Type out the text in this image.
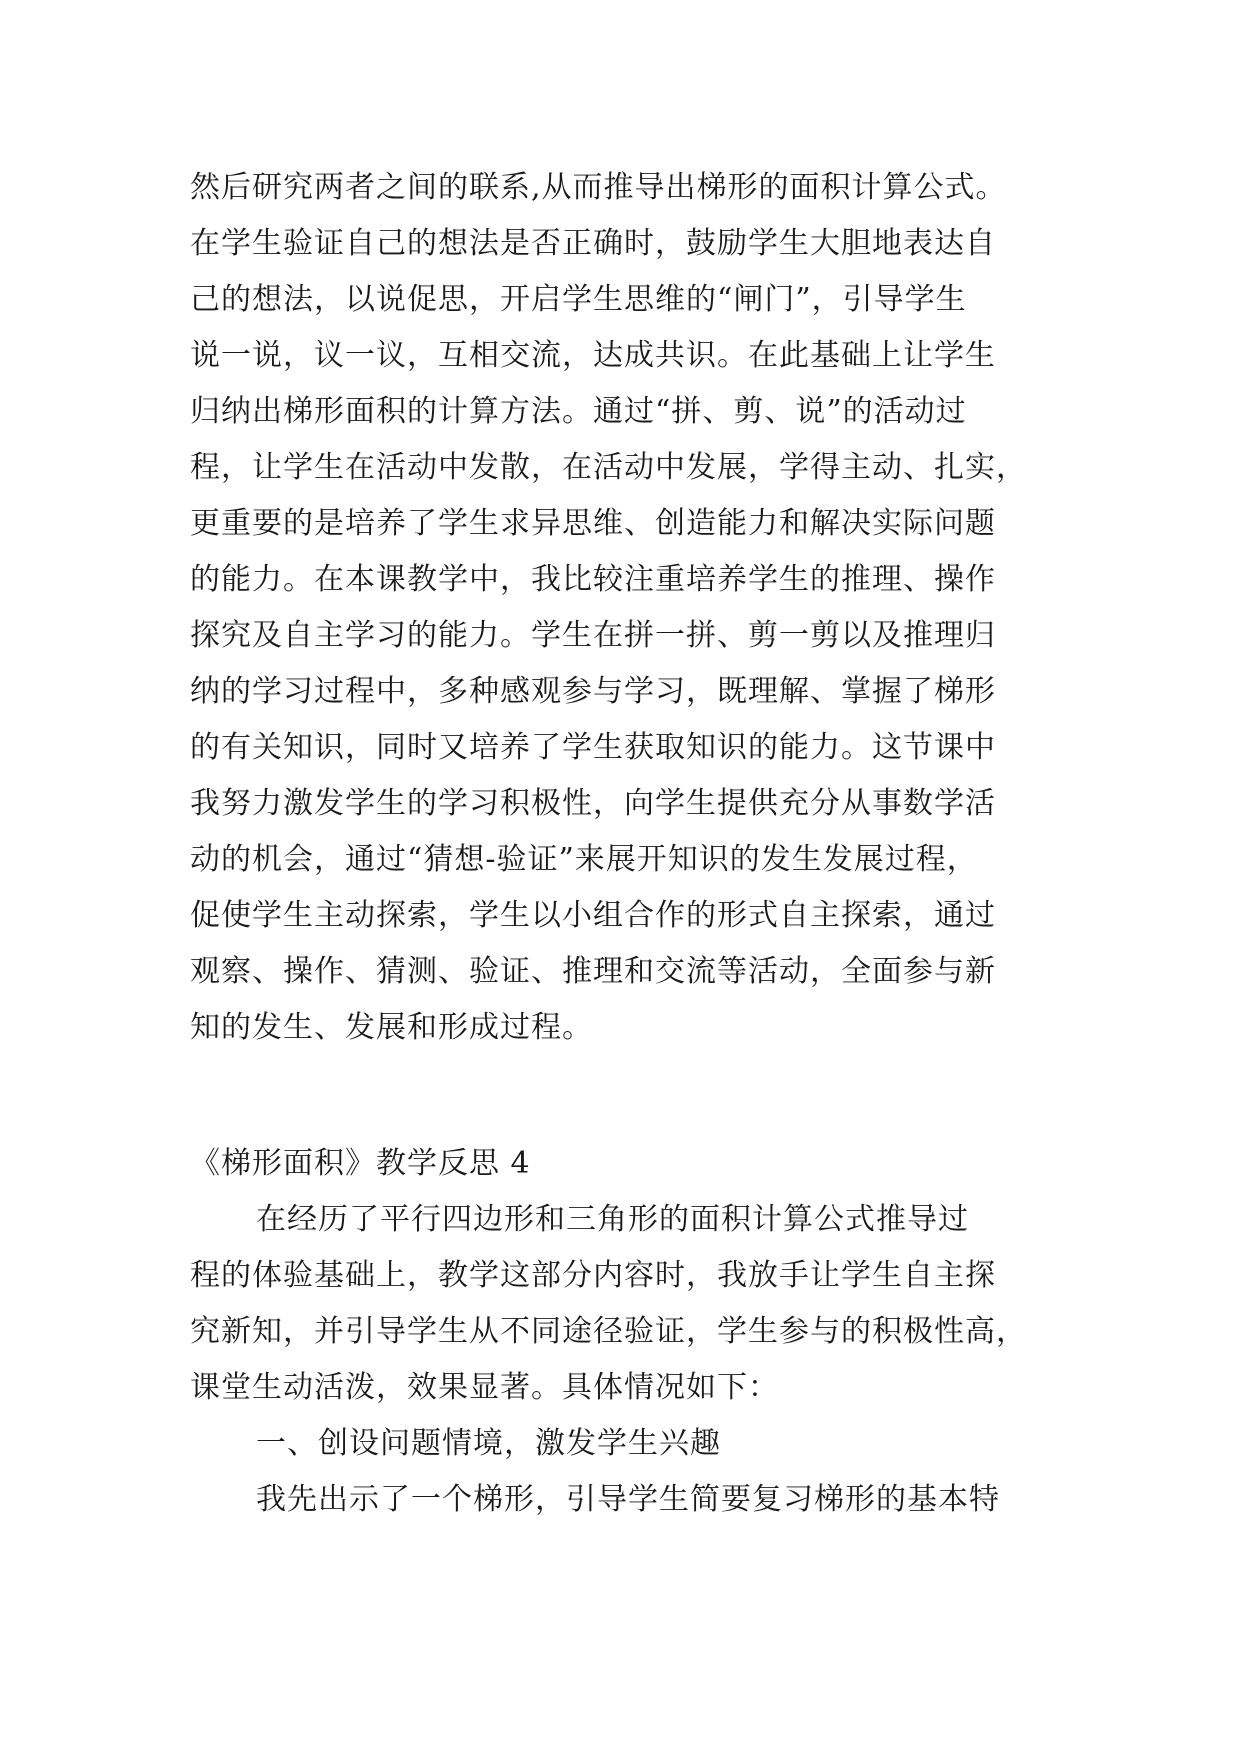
然后研究两者之间的联系,从而推导出梯形的面积计算公式。
在学生验证自己的想法是否正确时，鼓励学生大胆地表达自
己的想法，以说促思，开启学生思维的“闸门”，引导学生
说一说，议一议，互相交流，达成共识。在此基础上让学生
归纳出梯形面积的计算方法。通过“拼、剪、说”的活动过
程，让学生在活动中发散，在活动中发展，学得主动、扎实，
更重要的是培养了学生求异思维、创造能力和解决实际问题
的能力。在本课教学中，我比较注重培养学生的推理、操作
探究及自主学习的能力。学生在拼一拼、剪一剪以及推理归
纳的学习过程中，多种感观参与学习，既理解、掌握了梯形
的有关知识，同时又培养了学生获取知识的能力。这节课中
我努力激发学生的学习积极性，向学生提供充分从事数学活
动的机会，通过“猜想-验证”来展开知识的发生发展过程，
促使学生主动探索，学生以小组合作的形式自主探索，通过
观察、操作、猜测、验证、推理和交流等活动，全面参与新
知的发生、发展和形成过程。
《梯形面积》教学反思 4
在经历了平行四边形和三角形的面积计算公式推导过
程的体验基础上，教学这部分内容时，我放手让学生自主探
究新知，并引导学生从不同途径验证，学生参与的积极性高，
课堂生动活泼，效果显著。具体情况如下：
一、创设问题情境，激发学生兴趣
我先出示了一个梯形，引导学生简要复习梯形的基本特
